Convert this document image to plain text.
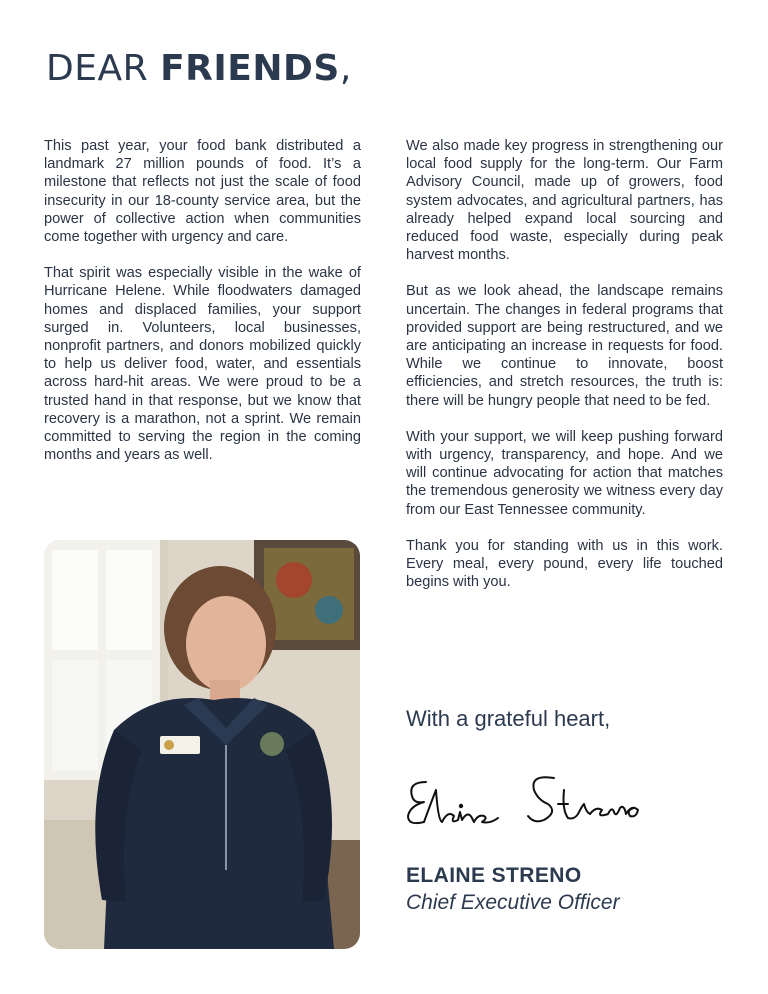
DEAR FRIENDS,

This past year, your food bank distributed a landmark 27 million pounds of food. It’s a milestone that reflects not just the scale of food insecurity in our 18-county service area, but the power of collective action when communities come together with urgency and care.

That spirit was especially visible in the wake of Hurricane Helene. While floodwaters damaged homes and displaced families, your support surged in. Volunteers, local businesses, nonprofit partners, and donors mobilized quickly to help us deliver food, water, and essentials across hard-hit areas. We were proud to be a trusted hand in that response, but we know that recovery is a marathon, not a sprint. We remain committed to serving the region in the coming months and years as well.

We also made key progress in strengthening our local food supply for the long-term. Our Farm Advisory Council, made up of growers, food system advocates, and agricultural partners, has already helped expand local sourcing and reduced food waste, especially during peak harvest months.

But as we look ahead, the landscape remains uncertain. The changes in federal programs that provided support are being restructured, and we are anticipating an increase in requests for food. While we continue to innovate, boost efficiencies, and stretch resources, the truth is: there will be hungry people that need to be fed.

With your support, we will keep pushing forward with urgency, transparency, and hope. And we will continue advocating for action that matches the tremendous generosity we witness every day from our East Tennessee community.

Thank you for standing with us in this work. Every meal, every pound, every life touched begins with you.

With a grateful heart,

ELAINE STRENO

Chief Executive Officer
